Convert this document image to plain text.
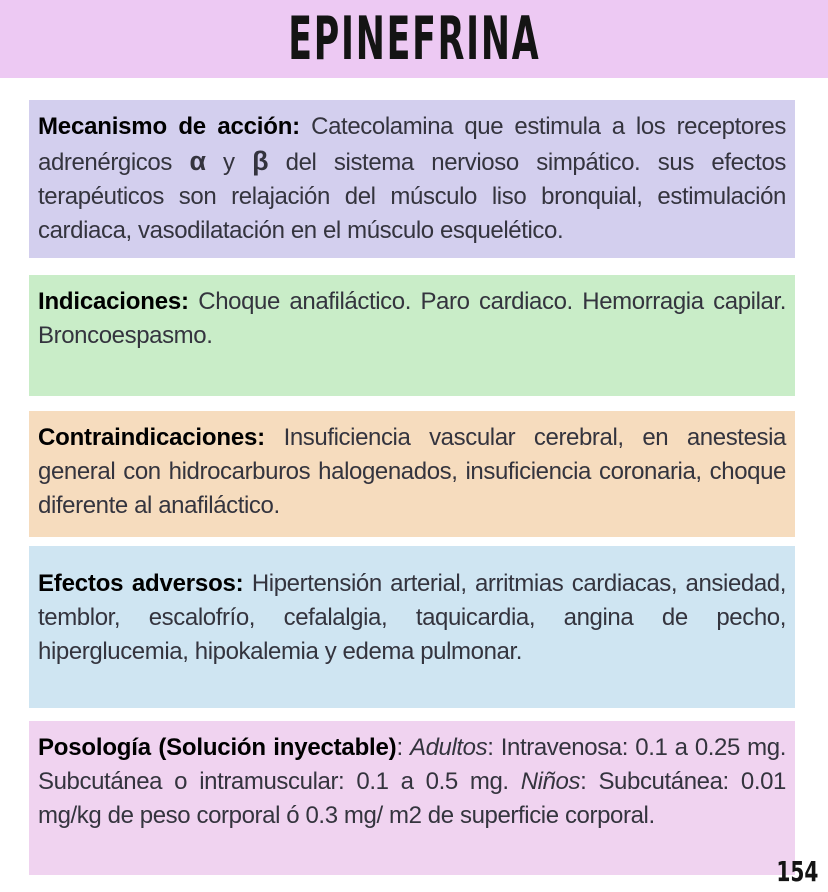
EPINEFRINA

Mecanismo de acción: Catecolamina que estimula a los receptores adrenérgicos α y β del sistema nervioso simpático. sus efectos terapéuticos son relajación del músculo liso bronquial, estimulación cardiaca, vasodilatación en el músculo esquelético.

Indicaciones: Choque anafiláctico. Paro cardiaco. Hemorragia capilar. Broncoespasmo.

Contraindicaciones: Insuficiencia vascular cerebral, en anestesia general con hidrocarburos halogenados, insuficiencia coronaria, choque diferente al anafiláctico.

Efectos adversos: Hipertensión arterial, arritmias cardiacas, ansiedad, temblor, escalofrío, cefalalgia, taquicardia, angina de pecho, hiperglucemia, hipokalemia y edema pulmonar.

Posología (Solución inyectable): Adultos: Intravenosa: 0.1 a 0.25 mg. Subcutánea o intramuscular: 0.1 a 0.5 mg. Niños: Subcutánea: 0.01 mg/kg de peso corporal ó 0.3 mg/ m2 de superficie corporal.

154
